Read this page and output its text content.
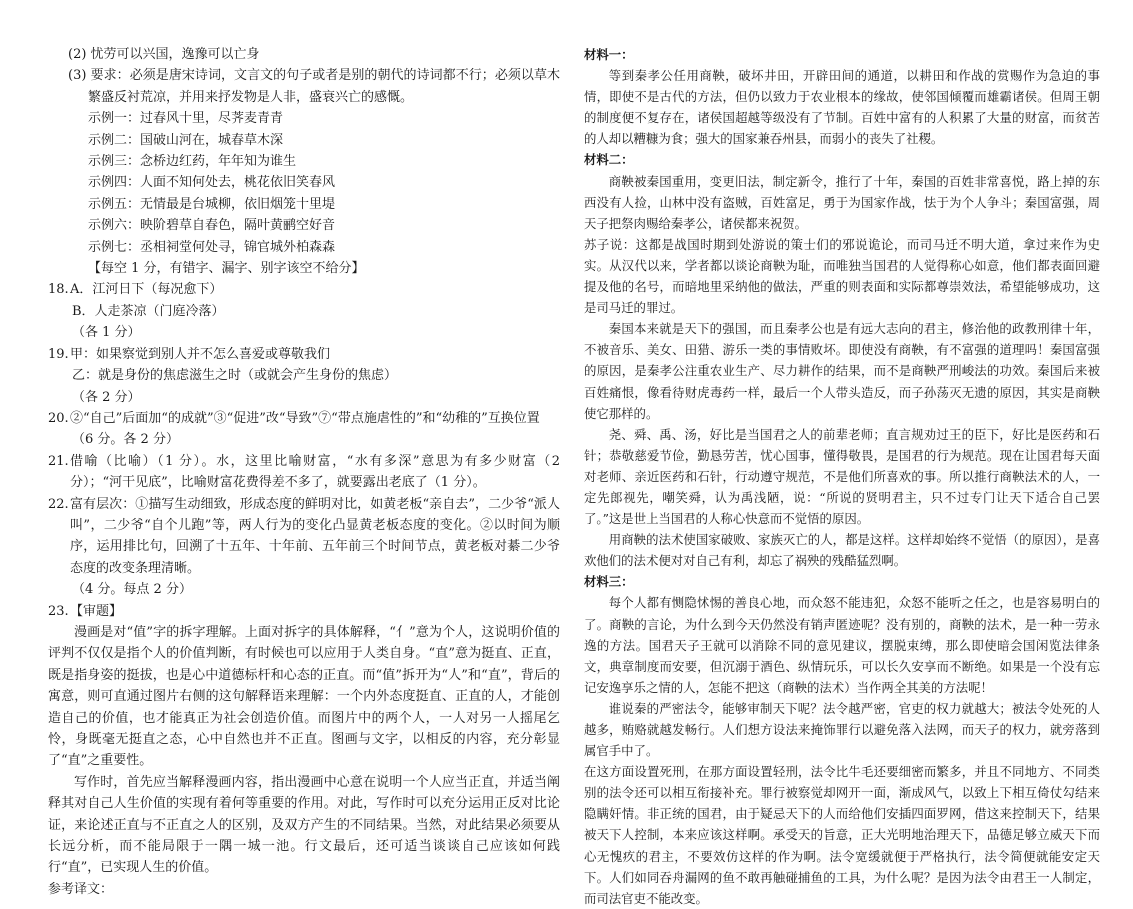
(2) 忧劳可以兴国，逸豫可以亡身

(3) 要求：必须是唐宋诗词，文言文的句子或者是别的朝代的诗词都不行；必须以草木繁盛反衬荒凉，并用来抒发物是人非，盛衰兴亡的感慨。

示例一：过春风十里，尽荠麦青青

示例二：国破山河在，城春草木深

示例三：念桥边红药，年年知为谁生

示例四：人面不知何处去，桃花依旧笑春风

示例五：无情最是台城柳，依旧烟笼十里堤

示例六：映阶碧草自春色，隔叶黄鹂空好音

示例七：丞相祠堂何处寻，锦官城外柏森森

【每空 1 分，有错字、漏字、别字该空不给分】

18. A．江河日下（每况愈下）

B．人走茶凉（门庭冷落）

（各 1 分）

19. 甲：如果察觉到别人并不怎么喜爱或尊敬我们

乙：就是身份的焦虑滋生之时（或就会产生身份的焦虑）

（各 2 分）

20. ②“自己”后面加“的成就”③“促进”改“导致”⑦“带点施虐性的”和“幼稚的”互换位置

（6 分。各 2 分）

21. 借喻（比喻）（1 分）。水，这里比喻财富，“水有多深”意思为有多少财富（2 分）；“河干见底”，比喻财富花费得差不多了，就要露出老底了（1 分）。

22. 富有层次：①描写生动细致，形成态度的鲜明对比，如黄老板“亲自去”，二少爷“派人叫”，二少爷“自个儿跑”等，两人行为的变化凸显黄老板态度的变化。②以时间为顺序，运用排比句，回溯了十五年、十年前、五年前三个时间节点，黄老板对綦二少爷态度的改变条理清晰。

（4 分。每点 2 分）

23. 【审题】

漫画是对“值”字的拆字理解。上面对拆字的具体解释，“亻”意为个人，这说明价值的评判不仅仅是指个人的价值判断，有时候也可以应用于人类自身。“直”意为挺直、正直，既是指身姿的挺拔，也是心中道德标杆和心态的正直。而“值”拆开为“人”和“直”，背后的寓意，则可直通过图片右侧的这句解释语来理解：一个内外态度挺直、正直的人，才能创造自己的价值，也才能真正为社会创造价值。而图片中的两个人，一人对另一人摇尾乞怜，身既毫无挺直之态，心中自然也并不正直。图画与文字，以相反的内容，充分彰显了“直”之重要性。

写作时，首先应当解释漫画内容，指出漫画中心意在说明一个人应当正直，并适当阐释其对自己人生价值的实现有着何等重要的作用。对此，写作时可以充分运用正反对比论证，来论述正直与不正直之人的区别，及双方产生的不同结果。当然，对此结果必须要从长远分析，而不能局限于一隅一城一池。行文最后，还可适当谈谈自己应该如何践行“直”，已实现人生的价值。

参考译文：

材料一：

等到秦孝公任用商鞅，破坏井田，开辟田间的通道，以耕田和作战的赏赐作为急迫的事情，即使不是古代的方法，但仍以致力于农业根本的缘故，使邻国倾覆而雄霸诸侯。但周王朝的制度便不复存在，诸侯国超越等级没有了节制。百姓中富有的人积累了大量的财富，而贫苦的人却以糟糠为食；强大的国家兼吞州县，而弱小的丧失了社稷。

材料二：

商鞅被秦国重用，变更旧法，制定新令，推行了十年，秦国的百姓非常喜悦，路上掉的东西没有人捡，山林中没有盗贼，百姓富足，勇于为国家作战，怯于为个人争斗；秦国富强，周天子把祭肉赐给秦孝公，诸侯都来祝贺。

苏子说：这都是战国时期到处游说的策士们的邪说诡论，而司马迁不明大道，拿过来作为史实。从汉代以来，学者都以谈论商鞅为耻，而唯独当国君的人觉得称心如意，他们都表面回避提及他的名号，而暗地里采纳他的做法，严重的则表面和实际都尊崇效法，希望能够成功，这是司马迁的罪过。

秦国本来就是天下的强国，而且秦孝公也是有远大志向的君主，修治他的政教刑律十年，不被音乐、美女、田猎、游乐一类的事情败坏。即使没有商鞅，有不富强的道理吗！秦国富强的原因，是秦孝公注重农业生产、尽力耕作的结果，而不是商鞅严刑峻法的功效。秦国后来被百姓痛恨，像看待财虎毒药一样，最后一个人带头造反，而子孙荡灭无遗的原因，其实是商鞅使它那样的。

尧、舜、禹、汤，好比是当国君之人的前辈老师；直言规劝过王的臣下，好比是医药和石针；恭敬慈爱节俭，勤恳劳苦，忧心国事，懂得敬畏，是国君的行为规范。现在让国君每天面对老师、亲近医药和石针，行动遵守规范，不是他们所喜欢的事。所以推行商鞅法术的人，一定先郎视先，嘲笑舜，认为禹浅陋，说：“所说的贤明君主，只不过专门让天下适合自己罢了。”这是世上当国君的人称心快意而不觉悟的原因。

用商鞅的法术使国家破败、家族灭亡的人，都是这样。这样却始终不觉悟（的原因），是喜欢他们的法术便对对自己有利，却忘了祸殃的残酷猛烈啊。

材料三：

每个人都有恻隐怵惕的善良心地，而众怒不能违犯，众怒不能听之任之，也是容易明白的了。商鞅的言论，为什么到今天仍然没有销声匿迹呢？没有别的，商鞅的法术，是一种一劳永逸的方法。国君天子王就可以消除不同的意见建议，摆脱束缚，那么即使暗会国闲览法律条文，典章制度而安要，但沉溺于酒色、纵情玩乐，可以长久安享而不断绝。如果是一个没有忘记安逸享乐之情的人，怎能不把这（商鞅的法术）当作两全其美的方法呢！

谁说秦的严密法令，能够审制天下呢？法令越严密，官吏的权力就越大；被法令处死的人越多，贿赂就越发畅行。人们想方设法来掩饰罪行以避免落入法网，而天子的权力，就旁落到属官手中了。

在这方面设置死刑，在那方面设置轻刑，法令比牛毛还要细密而繁多，并且不同地方、不同类别的法令还可以相互衔接补充。罪行被察觉却网开一面，渐成风气，以致上下相互倚仗勾结来隐瞒奸情。非正统的国君，由于疑忌天下的人而给他们安插四面罗网，借这来控制天下，结果被天下人控制，本来应该这样啊。承受天的旨意，正大光明地治理天下，品德足够立威天下而心无愧疚的君主，不要效仿这样的作为啊。法令宽缓就便于严格执行，法令简便就能安定天下。人们如同吞舟漏网的鱼不敢再触碰捕鱼的工具，为什么呢？是因为法令由君王一人制定，而司法官吏不能改变。
